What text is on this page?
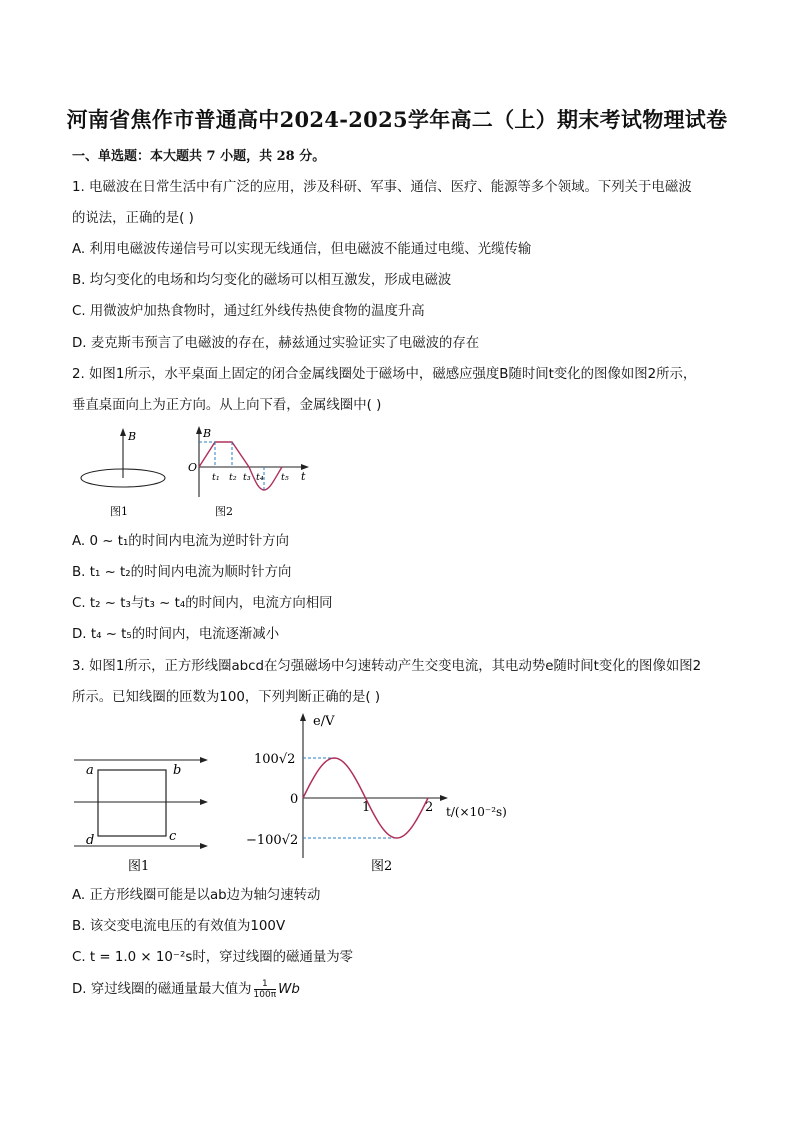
河南省焦作市普通高中2024-2025学年高二（上）期末考试物理试卷
一、单选题：本大题共 7 小题，共 28 分。
1. 电磁波在日常生活中有广泛的应用，涉及科研、军事、通信、医疗、能源等多个领域。下列关于电磁波
的说法，正确的是( )
A. 利用电磁波传递信号可以实现无线通信，但电磁波不能通过电缆、光缆传输
B. 均匀变化的电场和均匀变化的磁场可以相互激发，形成电磁波
C. 用微波炉加热食物时，通过红外线传热使食物的温度升高
D. 麦克斯韦预言了电磁波的存在，赫兹通过实验证实了电磁波的存在
2. 如图1所示，水平桌面上固定的闭合金属线圈处于磁场中，磁感应强度B随时间t变化的图像如图2所示，
垂直桌面向上为正方向。从上向下看，金属线圈中( )
B
图1
B
O
t
t₁ t₂ t₃ t₄ t₅
图2
A. 0 ~ t₁的时间内电流为逆时针方向
B. t₁ ~ t₂的时间内电流为顺时针方向
C. t₂ ~ t₃与t₃ ~ t₄的时间内，电流方向相同
D. t₄ ~ t₅的时间内，电流逐渐减小
3. 如图1所示，正方形线圈abcd在匀强磁场中匀速转动产生交变电流，其电动势e随时间t变化的图像如图2
所示。已知线圈的匝数为100，下列判断正确的是( )
a	b
c
d
图1
e/V
100√2
0
−100√2
1	2 t/(×10⁻²s)
图2
A. 正方形线圈可能是以ab边为轴匀速转动
B. 该交变电流电压的有效值为100V
C. t = 1.0 × 10⁻²s时，穿过线圈的磁通量为零
D. 穿过线圈的磁通量最大值为 $\frac{1}{100\pi}$ Wb
